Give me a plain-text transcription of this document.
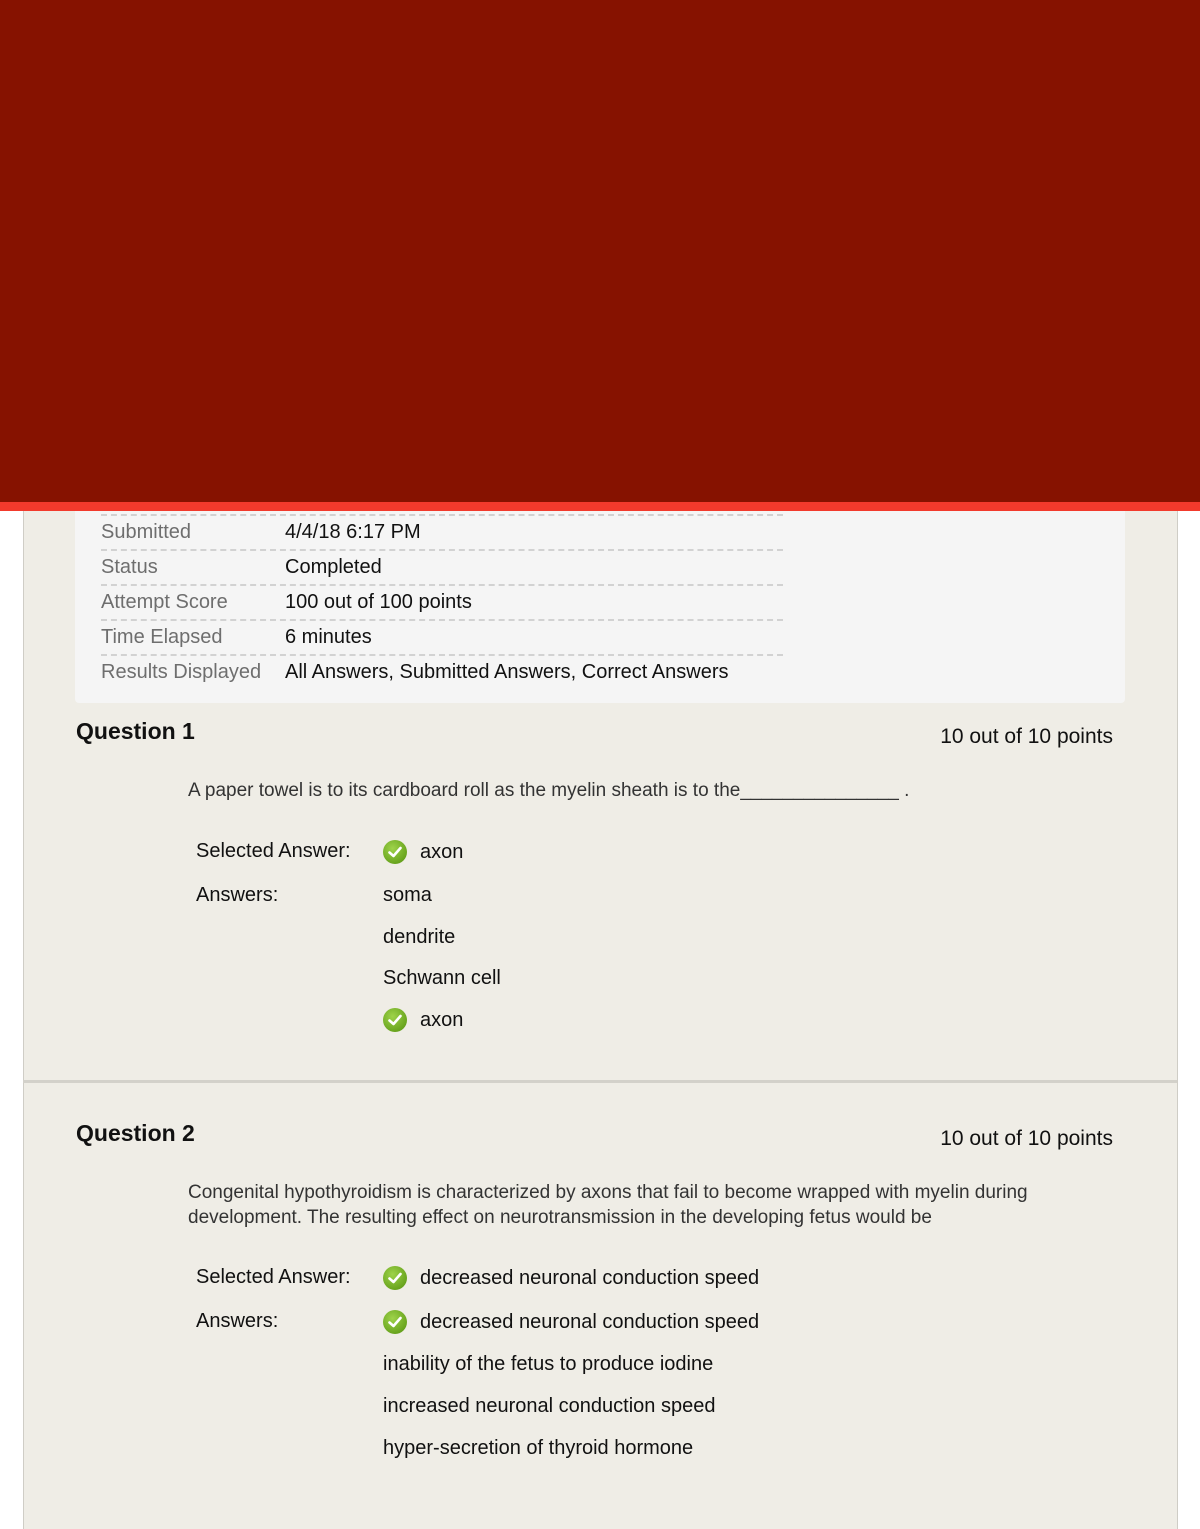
Submitted	4/4/18 6:17 PM
Status	Completed
Attempt Score	100 out of 100 points
Time Elapsed	6 minutes
Results Displayed	All Answers, Submitted Answers, Correct Answers
Question 1	10 out of 10 points
A paper towel is to its cardboard roll as the myelin sheath is to the_______________ .
Selected Answer:	axon
Answers:	soma
dendrite
Schwann cell
axon
Question 2	10 out of 10 points
Congenital hypothyroidism is characterized by axons that fail to become wrapped with myelin during development. The resulting effect on neurotransmission in the developing fetus would be
Selected Answer:	decreased neuronal conduction speed
Answers:	decreased neuronal conduction speed
inability of the fetus to produce iodine
increased neuronal conduction speed
hyper-secretion of thyroid hormone
